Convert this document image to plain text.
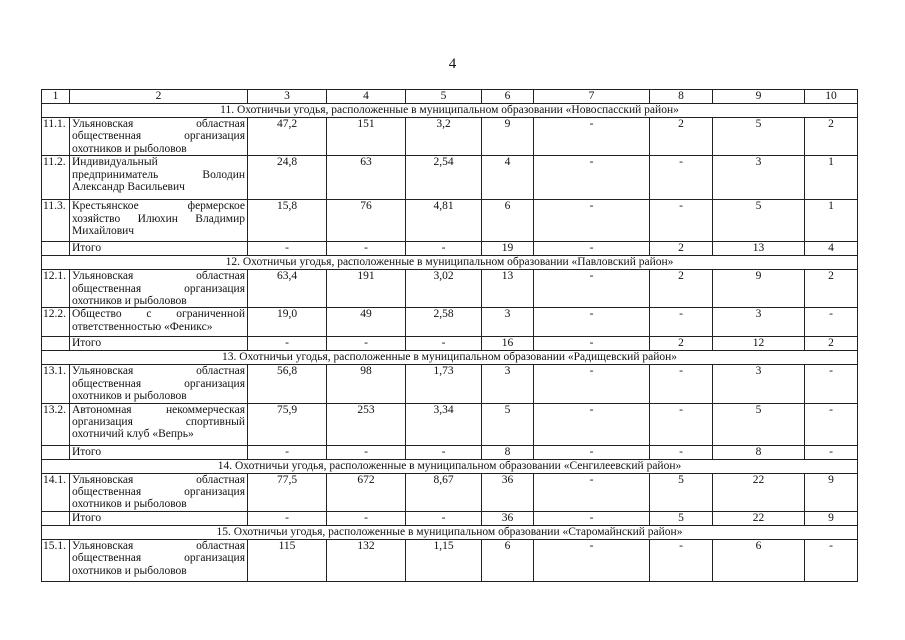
4
1	2	3	4	5	6	7	8	9	10
11. Охотничьи угодья, расположенные в муниципальном образовании «Новоспасский район»									
11.1.	Ульяновская областная общественная организация охотников и рыболовов	47,2	151	3,2	9	-	2	5	2
11.2.	Индивидуальный предприниматель Володин Александр Васильевич	24,8	63	2,54	4	-	-	3	1
11.3.	Крестьянское фермерское хозяйство Илюхин Владимир Михайлович	15,8	76	4,81	6	-	-	5	1
	Итого	-	-	-	19	-	2	13	4
12. Охотничьи угодья, расположенные в муниципальном образовании «Павловский район»									
12.1.	Ульяновская областная общественная организация охотников и рыболовов	63,4	191	3,02	13	-	2	9	2
12.2.	Общество с ограниченной ответственностью «Феникс»	19,0	49	2,58	3	-	-	3	-
	Итого	-	-	-	16	-	2	12	2
13. Охотничьи угодья, расположенные в муниципальном образовании «Радищевский район»									
13.1.	Ульяновская областная общественная организация охотников и рыболовов	56,8	98	1,73	3	-	-	3	-
13.2.	Автономная некоммерческая организация спортивный охотничий клуб «Вепрь»	75,9	253	3,34	5	-	-	5	-
	Итого	-	-	-	8	-	-	8	-
14. Охотничьи угодья, расположенные в муниципальном образовании «Сенгилеевский район»									
14.1.	Ульяновская областная общественная организация охотников и рыболовов	77,5	672	8,67	36	-	5	22	9
	Итого	-	-	-	36	-	5	22	9
15. Охотничьи угодья, расположенные в муниципальном образовании «Старомайнский район»									
15.1.	Ульяновская областная общественная организация охотников и рыболовов	115	132	1,15	6	-	-	6	-
